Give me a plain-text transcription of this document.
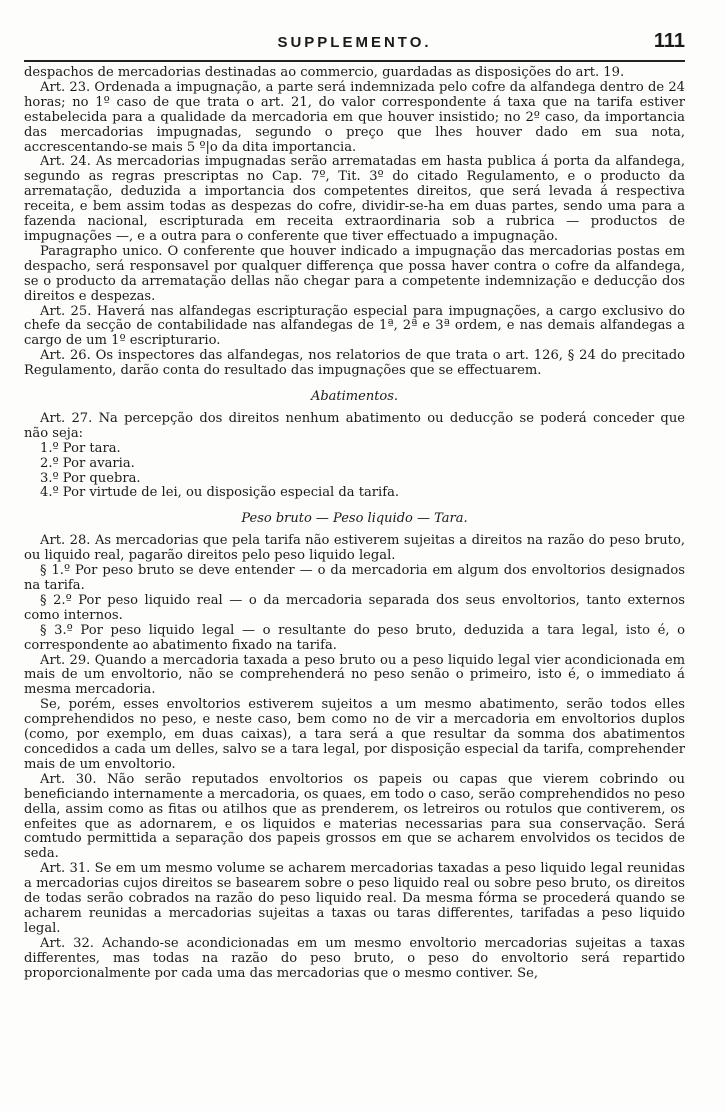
SUPPLEMENTO.	111

despachos de mercadorias destinadas ao commercio, guardadas as disposições do art. 19.

Art. 23. Ordenada a impugnação, a parte será indemnizada pelo cofre da alfandega dentro de 24 horas; no 1º caso de que trata o art. 21, do valor correspondente á taxa que na tarifa estiver estabelecida para a qualidade da mercadoria em que houver insistido; no 2º caso, da importancia das mercadorias impugnadas, segundo o preço que lhes houver dado em sua nota, accrescentando-se mais 5 º|o da dita importancia.

Art. 24. As mercadorias impugnadas serão arrematadas em hasta publica á porta da alfandega, segundo as regras prescriptas no Cap. 7º, Tit. 3º do citado Regulamento, e o producto da arrematação, deduzida a importancia dos competentes direitos, que será levada á respectiva receita, e bem assim todas as despezas do cofre, dividir-se-ha em duas partes, sendo uma para a fazenda nacional, escripturada em receita extraordinaria sob a rubrica — productos de impugnações —, e a outra para o conferente que tiver effectuado a impugnação.

Paragrapho unico. O conferente que houver indicado a impugnação das mercadorias postas em despacho, será responsavel por qualquer differença que possa haver contra o cofre da alfandega, se o producto da arrematação dellas não chegar para a competente indemnização e deducção dos direitos e despezas.

Art. 25. Haverá nas alfandegas escripturação especial para impugnações, a cargo exclusivo do chefe da secção de contabilidade nas alfandegas de 1ª, 2ª e 3ª ordem, e nas demais alfandegas a cargo de um 1º escripturario.

Art. 26. Os inspectores das alfandegas, nos relatorios de que trata o art. 126, § 24 do precitado Regulamento, darão conta do resultado das impugnações que se effectuarem.

Abatimentos.

Art. 27. Na percepção dos direitos nenhum abatimento ou deducção se poderá conceder que não seja:

1.º Por tara.
2.º Por avaria.
3.º Por quebra.
4.º Por virtude de lei, ou disposição especial da tarifa.
Peso bruto — Peso liquido — Tara.

Art. 28. As mercadorias que pela tarifa não estiverem sujeitas a direitos na razão do peso bruto, ou liquido real, pagarão direitos pelo peso liquido legal.

§ 1.º Por peso bruto se deve entender — o da mercadoria em algum dos envoltorios designados na tarifa.

§ 2.º Por peso liquido real — o da mercadoria separada dos seus envoltorios, tanto externos como internos.

§ 3.º Por peso liquido legal — o resultante do peso bruto, deduzida a tara legal, isto é, o correspondente ao abatimento fixado na tarifa.

Art. 29. Quando a mercadoria taxada a peso bruto ou a peso liquido legal vier acondicionada em mais de um envoltorio, não se comprehenderá no peso senão o primeiro, isto é, o immediato á mesma mercadoria.

Se, porém, esses envoltorios estiverem sujeitos a um mesmo abatimento, serão todos elles comprehendidos no peso, e neste caso, bem como no de vir a mercadoria em envoltorios duplos (como, por exemplo, em duas caixas), a tara será a que resultar da somma dos abatimentos concedidos a cada um delles, salvo se a tara legal, por disposição especial da tarifa, comprehender mais de um envoltorio.

Art. 30. Não serão reputados envoltorios os papeis ou capas que vierem cobrindo ou beneficiando internamente a mercadoria, os quaes, em todo o caso, serão comprehendidos no peso della, assim como as fitas ou atilhos que as prenderem, os letreiros ou rotulos que contiverem, os enfeites que as adornarem, e os liquidos e materias necessarias para sua conservação. Será comtudo permittida a separação dos papeis grossos em que se acharem envolvidos os tecidos de seda.

Art. 31. Se em um mesmo volume se acharem mercadorias taxadas a peso liquido legal reunidas a mercadorias cujos direitos se basearem sobre o peso liquido real ou sobre peso bruto, os direitos de todas serão cobrados na razão do peso liquido real. Da mesma fórma se procederá quando se acharem reunidas a mercadorias sujeitas a taxas ou taras differentes, tarifadas a peso liquido legal.

Art. 32. Achando-se acondicionadas em um mesmo envoltorio mercadorias sujeitas a taxas differentes, mas todas na razão do peso bruto, o peso do envoltorio será repartido proporcionalmente por cada uma das mercadorias que o mesmo contiver. Se,
